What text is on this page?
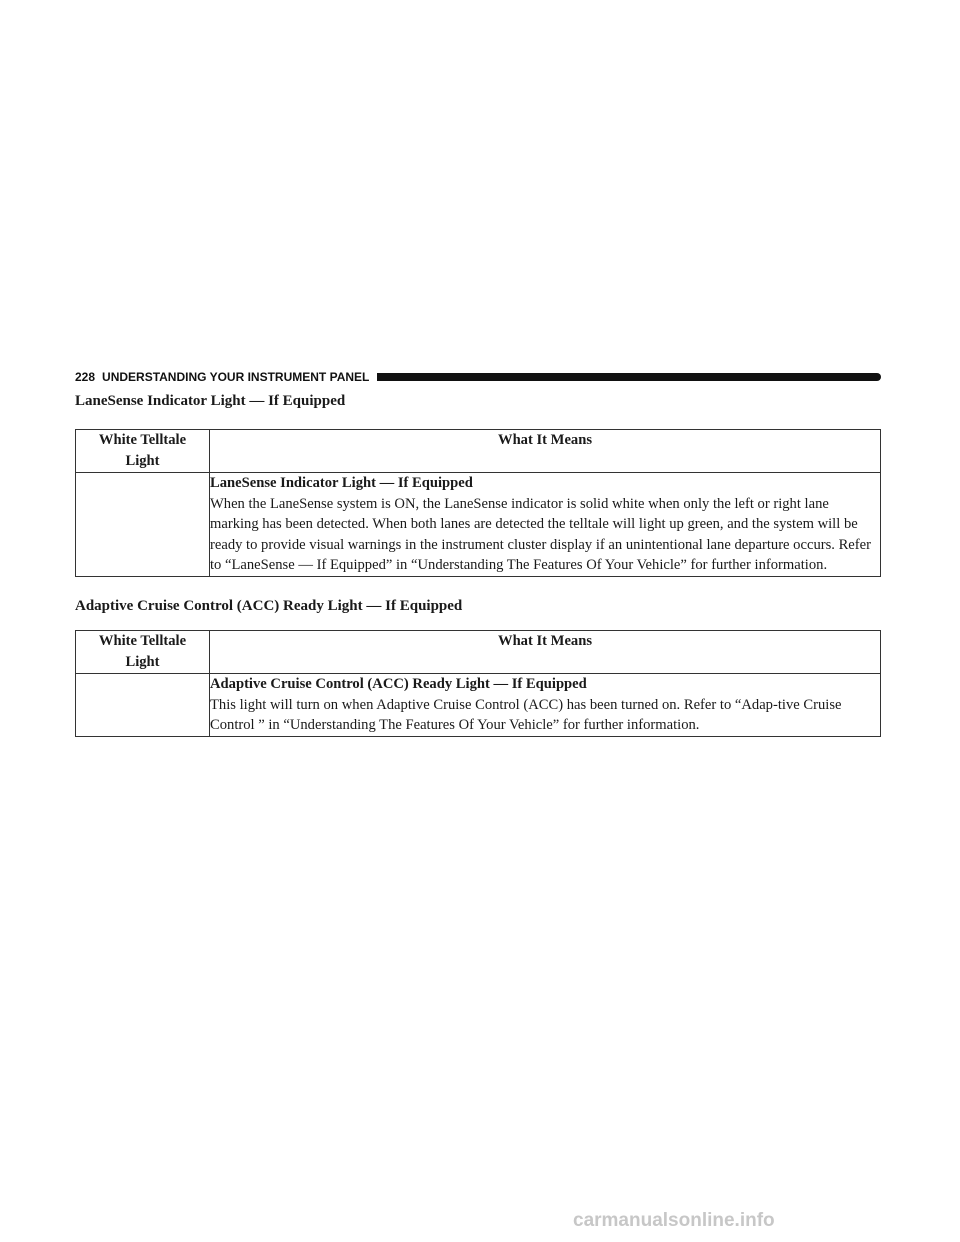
228 UNDERSTANDING YOUR INSTRUMENT PANEL
LaneSense Indicator Light — If Equipped
White Telltale
Light	What It Means

	LaneSense Indicator Light — If Equipped
When the LaneSense system is ON, the LaneSense indicator is solid white when only the left or right lane marking has been detected. When both lanes are detected the telltale will light up green, and the system will be ready to provide visual warnings in the instrument cluster display if an unintentional lane departure occurs. Refer to “LaneSense — If Equipped” in “Understanding The Features Of Your Vehicle” for further information.
Adaptive Cruise Control (ACC) Ready Light — If Equipped
White Telltale
Light	What It Means

	Adaptive Cruise Control (ACC) Ready Light — If Equipped
This light will turn on when Adaptive Cruise Control (ACC) has been turned on. Refer to “Adap-tive Cruise Control ” in “Understanding The Features Of Your Vehicle” for further information.
carmanualsonline.info
